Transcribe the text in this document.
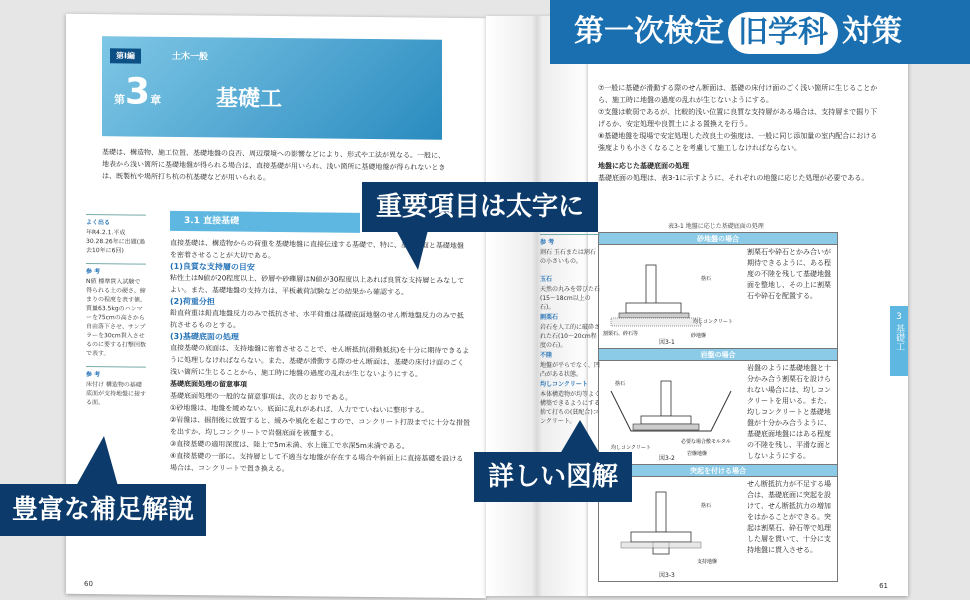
第Ⅰ編	土木一般
第3章 基礎工

基礎は、構造物、施工位置、基礎地盤の良否、周辺環境への影響などにより、形式や工法が異なる。一般に、地表から浅い箇所に基礎地盤が得られる場合は、直接基礎が用いられ、浅い箇所に基礎地盤が得られないときは、既製杭や場所打ち杭の杭基礎などが用いられる。

よく出る
年R4.2.1.平成30.28.26年に出題(過去10年に6回)
参 考
N値 標準貫入試験で得られる土の硬さ、締まりの程度を表す値。質量63.5kgのハンマーを75cmの高さから自由落下させ、サンプラーを30cm貫入させるのに要する打撃回数で表す。
参 考
床付け 構造物の基礎底面が支持地盤に接する面。
3.1 直接基礎

直接基礎は、構造物からの荷重を基礎地盤に直接伝達する基礎で、特に、基礎底面と基礎地盤を密着させることが大切である。

(1)良質な支持層の目安

粘性土はN値が20程度以上、砂層や砂礫層はN値が30程度以上あれば良質な支持層とみなしてよい。また、基礎地盤の支持力は、平板載荷試験などの結果から確認する。

(2)荷重分担

鉛直荷重は鉛直地盤反力のみで抵抗させ、水平荷重は基礎底面地盤のせん断地盤反力のみで抵抗させるものとする。

(3)基礎底面の処理

直接基礎の底面は、支持地盤に密着させることで、せん断抵抗(滑動抵抗)を十分に期待できるように処理しなければならない。また、基礎が滑動する際のせん断面は、基礎の床付け面のごく浅い箇所に生じることから、施工時に地盤の過度の乱れが生じないようにする。

基礎底面処理の留意事項

基礎底面処理の一般的な留意事項は、次のとおりである。

①砂地盤は、地盤を緩めない。底面に乱れがあれば、人力でていねいに整形する。

②岩盤は、掘削後に放置すると、緩みや風化を起こすので、コンクリート打設までに十分な措置を出すか、均しコンクリートで岩盤底面を被覆する。

③直接基礎の適用深度は、陸上で5m未満、水上施工で水深5m未満である。

④直接基礎の一部に、支持層として不適当な地盤が存在する場合や斜面上に直接基礎を設ける場合は、コンクリートで置き換える。

60

⑦一般に基礎が滑動する際のせん断面は、基礎の床付け面のごく浅い箇所に生じることから、施工時に地盤の過度の乱れが生じないようにする。

⑦支盤は軟弱であるが、比較的浅い位置に良質な支持層がある場合は、支持層まで掘り下げるか、安定処理や良質土による置換えを行う。

⑧基礎地盤を現場で安定処理した改良土の強度は、一般に同じ添加量の室内配合における強度よりも小さくなることを考慮して施工しなければならない。

地盤に応じた基礎底面の処理

基礎底面の処理は、表3-1に示すように、それぞれの地盤に応じた処理が必要である。

表3-1 地盤に応じた基礎底面の処理
砂地盤の場合
捨石
割栗石、砕石等
均しコンクリート
砂地盤
割栗石や砕石とかみ合いが期待できるように、ある程度の不陸を残して基礎地盤面を整地し、その上に割栗石や砕石を配置する。
図3-1
岩盤の場合
捨石
均しコンクリート
必要な場合敷モルタル
岩盤地盤
岩盤のように基礎地盤と十分かみ合う割栗石を設けられない場合には、均しコンクリートを用いる。また、均しコンクリートと基礎地盤が十分かみ合うように、基礎底面地盤にはある程度の不陸を残し、平滑な面としないようにする。
図3-2
突起を付ける場合
捨石
支持地盤
せん断抵抗力が不足する場合は、基礎底面に突起を設けて、せん断抵抗力の増加をはかることができる。突起は割栗石、砕石等で処理した層を貫いて、十分に支持地盤に貫入させる。
図3-3
3
基礎工
61
参 考
割石 玉石または割石の小さいもの。
玉石
天然の丸みを帯びた石(15～18cm以上の石)。
割栗石
岩石を人工的に破砕された石(10～20cm程度の石)。
不陸
地盤が平らでなく、凹凸がある状態。
均しコンクリート
本体構造物が均等よく構築できるようにする捨て打ちの(貧配合)コンクリート。
重要項目は太字に
詳しい図解
豊富な補足解説
第一次検定 旧学科 対策
